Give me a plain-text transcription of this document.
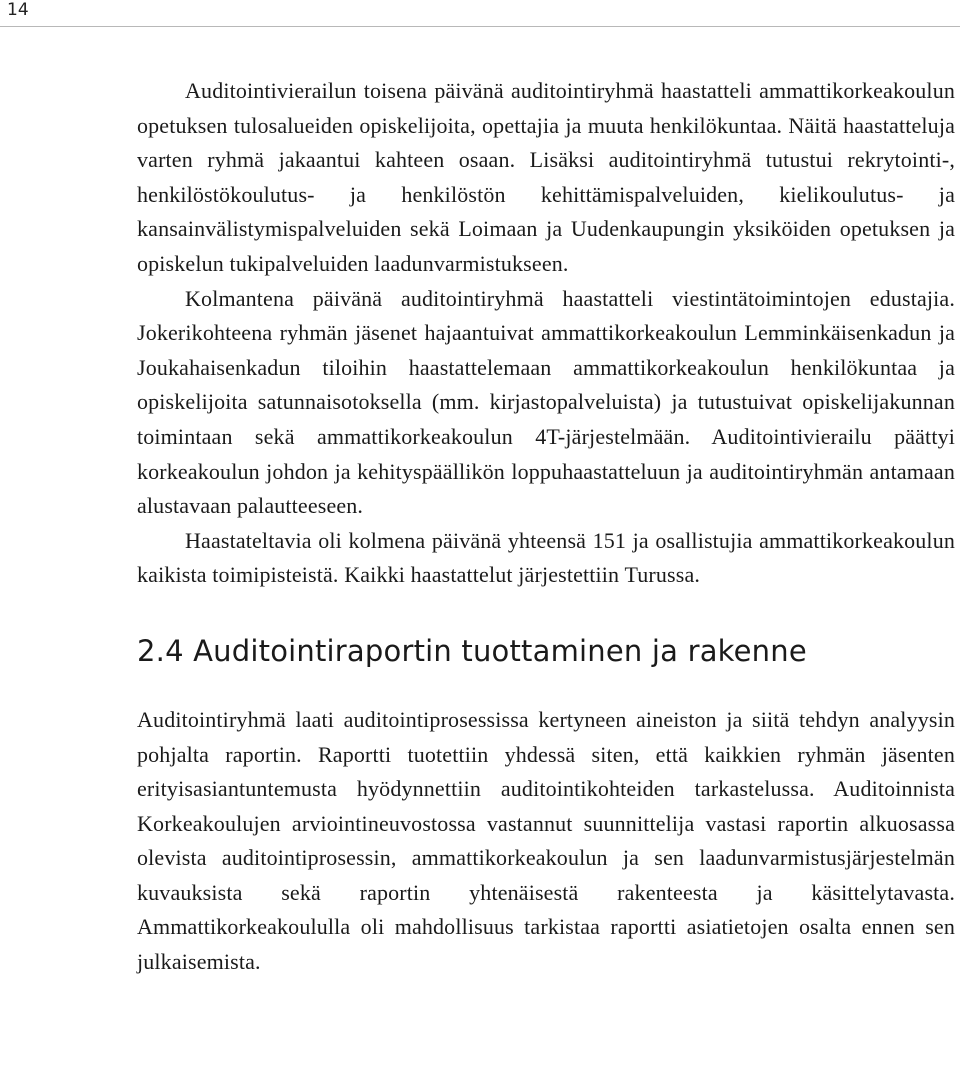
14

Auditointivierailun toisena päivänä auditointiryhmä haastatteli ammattikorkeakoulun opetuksen tulosalueiden opiskelijoita, opettajia ja muuta henkilökuntaa. Näitä haastatteluja varten ryhmä jakaantui kahteen osaan. Lisäksi auditointiryhmä tutustui rekrytointi-, henkilöstökoulutus- ja henkilöstön kehittämispalveluiden, kielikoulutus- ja kansainvälistymispalveluiden sekä Loimaan ja Uudenkaupungin yksiköiden opetuksen ja opiskelun tukipalveluiden laadunvarmistukseen.

Kolmantena päivänä auditointiryhmä haastatteli viestintätoimintojen edustajia. Jokerikohteena ryhmän jäsenet hajaantuivat ammattikorkeakoulun Lemminkäisenkadun ja Joukahaisenkadun tiloihin haastattelemaan ammattikorkeakoulun henkilökuntaa ja opiskelijoita satunnaisotoksella (mm. kirjastopalveluista) ja tutustuivat opiskelijakunnan toimintaan sekä ammattikorkeakoulun 4T-järjestelmään. Auditointivierailu päättyi korkeakoulun johdon ja kehityspäällikön loppuhaastatteluun ja auditointiryhmän antamaan alustavaan palautteeseen.

Haastateltavia oli kolmena päivänä yhteensä 151 ja osallistujia ammattikorkeakoulun kaikista toimipisteistä. Kaikki haastattelut järjestettiin Turussa.

2.4 Auditointiraportin tuottaminen ja rakenne

Auditointiryhmä laati auditointiprosessissa kertyneen aineiston ja siitä tehdyn analyysin pohjalta raportin. Raportti tuotettiin yhdessä siten, että kaikkien ryhmän jäsenten erityisasiantuntemusta hyödynnettiin auditointikohteiden tarkastelussa. Auditoinnista Korkeakoulujen arviointineuvostossa vastannut suunnittelija vastasi raportin alkuosassa olevista auditointiprosessin, ammattikorkeakoulun ja sen laadunvarmistusjärjestelmän kuvauksista sekä raportin yhtenäisestä rakenteesta ja käsittelytavasta. Ammattikorkeakoululla oli mahdollisuus tarkistaa raportti asiatietojen osalta ennen sen julkaisemista.
